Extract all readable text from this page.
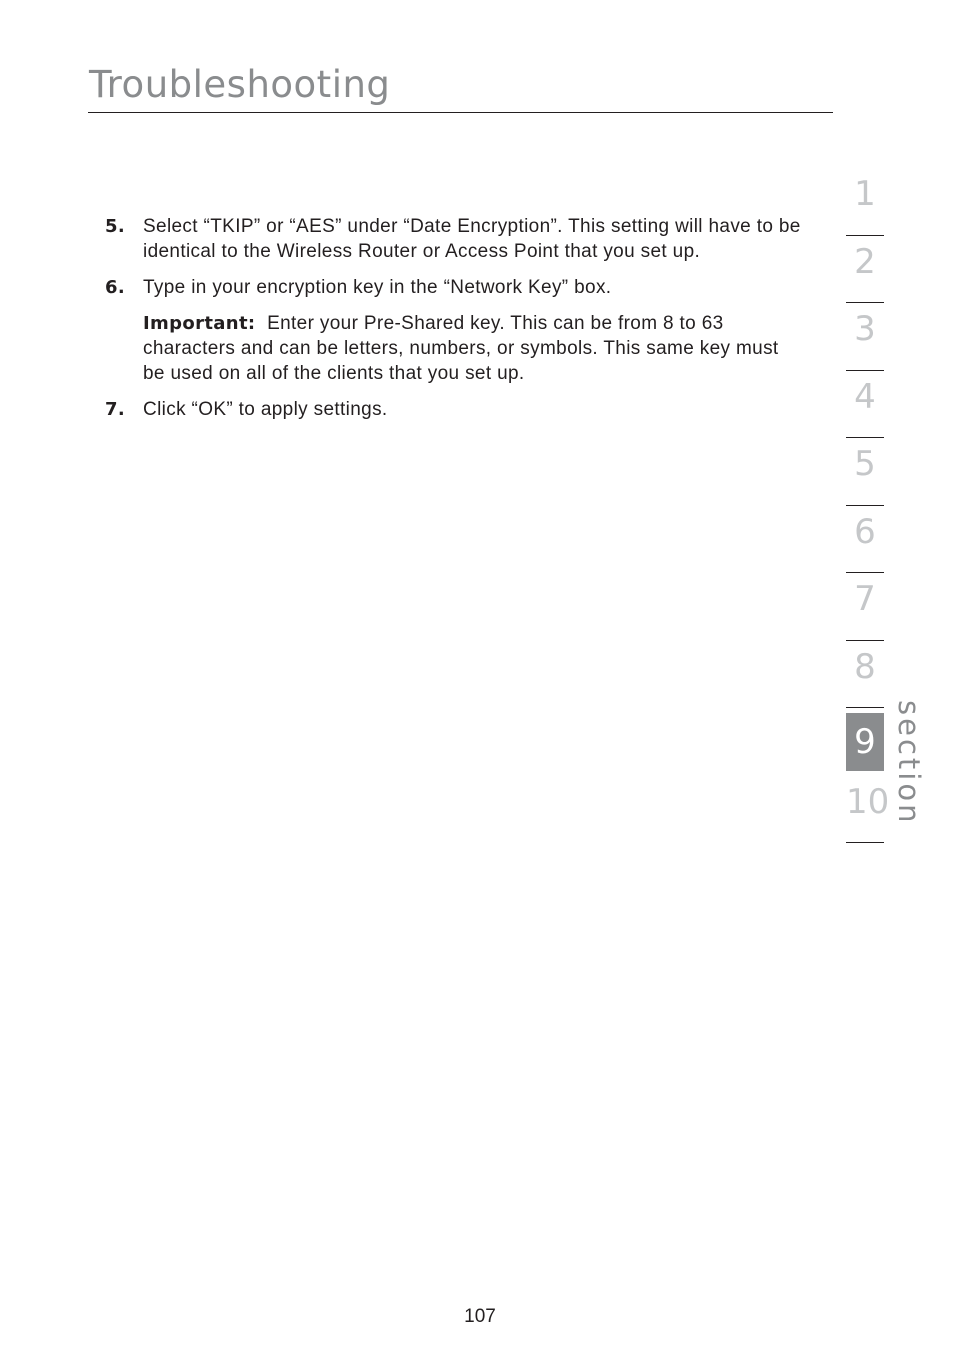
Troubleshooting
5. Select “TKIP” or “AES” under “Date Encryption”. This setting will have to be identical to the Wireless Router or Access Point that you set up.
6. Type in your encryption key in the “Network Key” box.
Important: Enter your Pre-Shared key. This can be from 8 to 63 characters and can be letters, numbers, or symbols. This same key must be used on all of the clients that you set up.
7. Click “OK” to apply settings.
1
2
3
4
5
6
7
8
9
10 section
107
